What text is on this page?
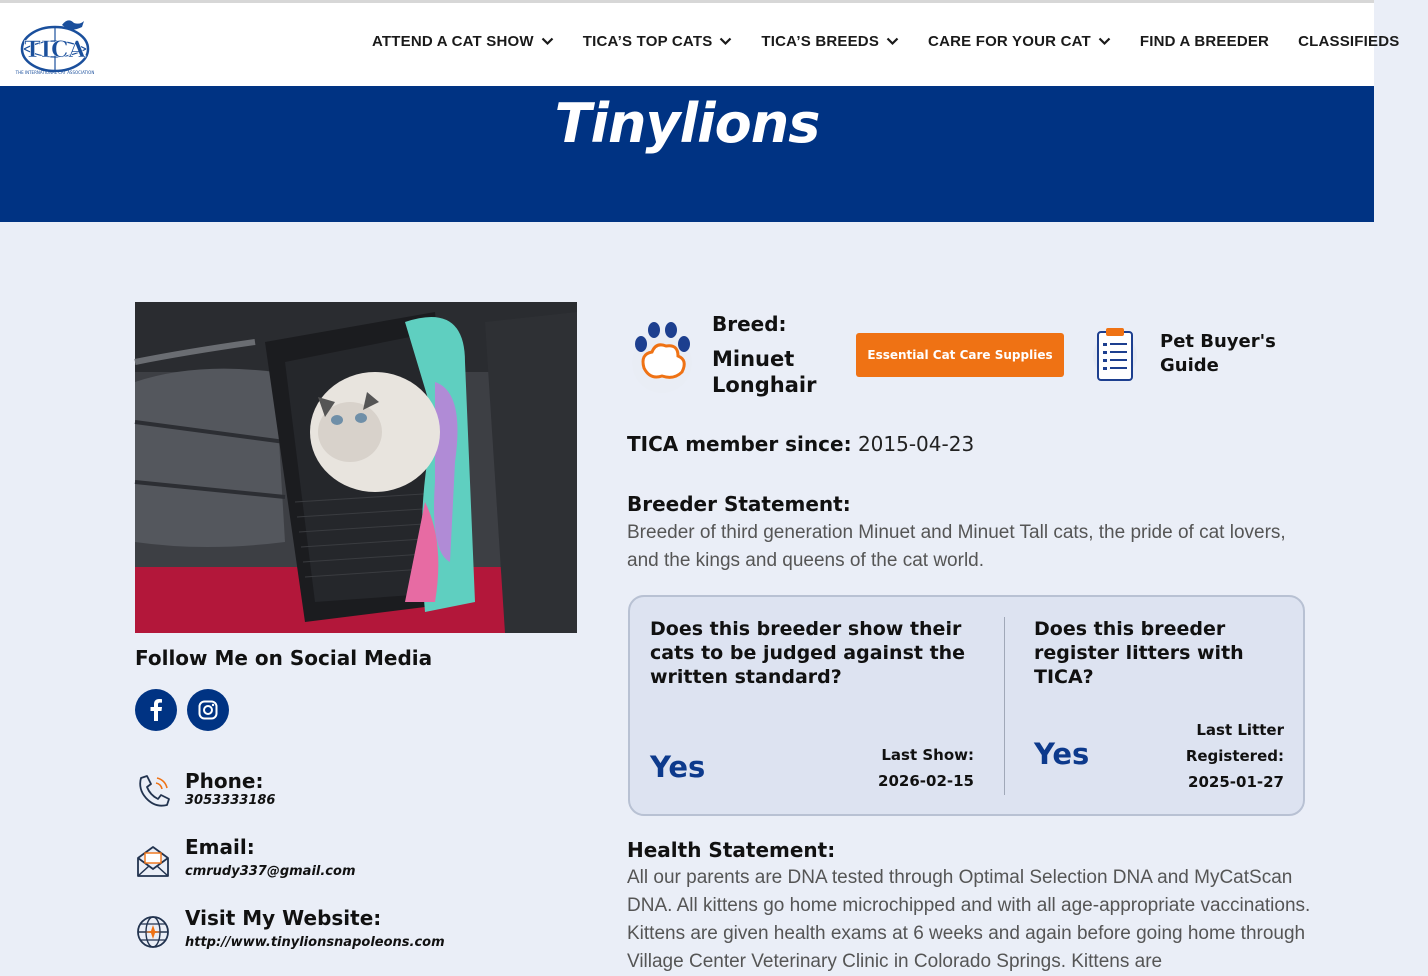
TICA
THE INTERNATIONAL CAT ASSOCIATION
ATTEND A CAT SHOW	TICA’S TOP CATS	TICA’S BREEDS	CARE FOR YOUR CAT	FIND A BREEDER CLASSIFIEDS
Tinylions
Follow Me on Social Media
Phone:
3053333186
Email:
cmrudy337@gmail.com
Visit My Website:
http://www.tinylionsnapoleons.com
Breed:
Minuet Longhair
Essential Cat Care Supplies
Pet Buyer's Guide
TICA member since: 2015-04-23
Breeder Statement:
Breeder of third generation Minuet and Minuet Tall cats, the pride of cat lovers, and the kings and queens of the cat world.
Does this breeder show their cats to be judged against the written standard?
Yes	Last Show:
2026-02-15
Does this breeder register litters with TICA?
Yes
Last Litter
Registered:
2025-01-27
Health Statement:
All our parents are DNA tested through Optimal Selection DNA and MyCatScan DNA. All kittens go home microchipped and with all age-appropriate vaccinations. Kittens are given health exams at 6 weeks and again before going home through Village Center Veterinary Clinic in Colorado Springs. Kittens are
